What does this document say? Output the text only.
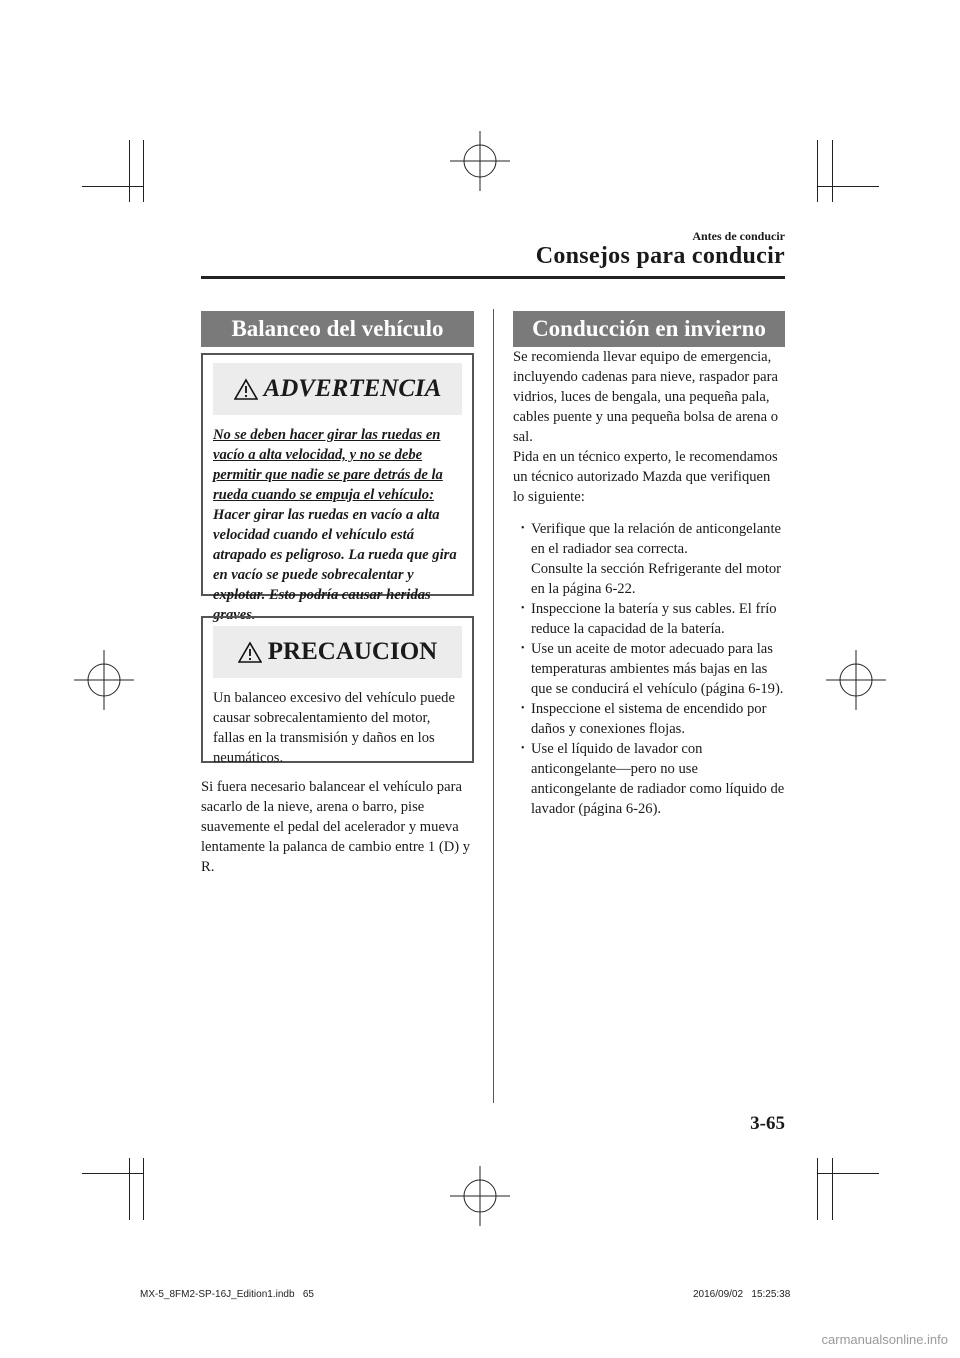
Antes de conducir
Consejos para conducir
Balanceo del vehículo
ADVERTENCIA
No se deben hacer girar las ruedas en vacío a alta velocidad, y no se debe permitir que nadie se pare detrás de la rueda cuando se empuja el vehículo: Hacer girar las ruedas en vacío a alta velocidad cuando el vehículo está atrapado es peligroso. La rueda que gira en vacío se puede sobrecalentar y explotar. Esto podría causar heridas graves.
PRECAUCION
Un balanceo excesivo del vehículo puede causar sobrecalentamiento del motor, fallas en la transmisión y daños en los neumáticos.
Si fuera necesario balancear el vehículo para sacarlo de la nieve, arena o barro, pise suavemente el pedal del acelerador y mueva lentamente la palanca de cambio entre 1 (D) y R.
Conducción en invierno
Se recomienda llevar equipo de emergencia, incluyendo cadenas para nieve, raspador para vidrios, luces de bengala, una pequeña pala, cables puente y una pequeña bolsa de arena o sal.
Pida en un técnico experto, le recomendamos un técnico autorizado Mazda que verifiquen lo siguiente:
• Verifique que la relación de anticongelante en el radiador sea correcta.
Consulte la sección Refrigerante del motor en la página 6-22.
• Inspeccione la batería y sus cables. El frío reduce la capacidad de la batería.
• Use un aceite de motor adecuado para las temperaturas ambientes más bajas en las que se conducirá el vehículo (página 6-19).
• Inspeccione el sistema de encendido por daños y conexiones flojas.
• Use el líquido de lavador con anticongelante—pero no use anticongelante de radiador como líquido de lavador (página 6-26).
3-65
MX-5_8FM2-SP-16J_Edition1.indb   65	2016/09/02   15:25:38
carmanualsonline.info
